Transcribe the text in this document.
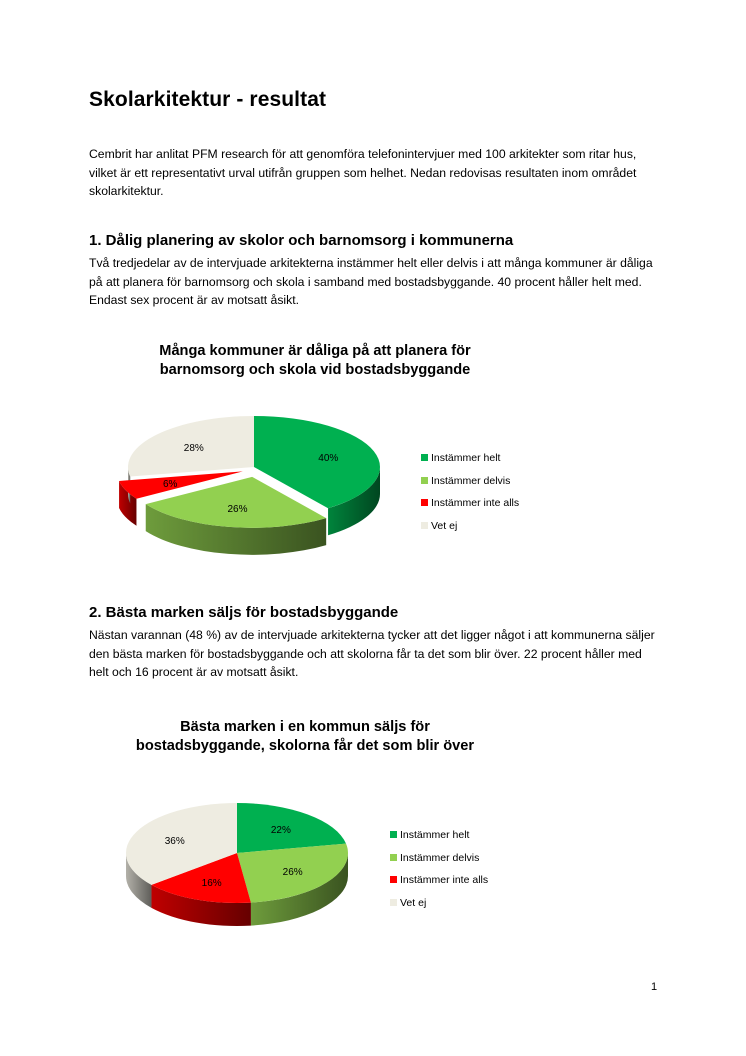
Skolarkitektur - resultat

Cembrit har anlitat PFM research för att genomföra telefonintervjuer med 100 arkitekter som ritar hus, vilket är ett representativt urval utifrån gruppen som helhet. Nedan redovisas resultaten inom området skolarkitektur.

1. Dålig planering av skolor och barnomsorg i kommunerna

Två tredjedelar av de intervjuade arkitekterna instämmer helt eller delvis i att många kommuner är dåliga på att planera för barnomsorg och skola i samband med bostadsbyggande. 40 procent håller helt med. Endast sex procent är av motsatt åsikt.

Många kommuner är dåliga på att planera för barnomsorg och skola vid bostadsbyggande
40%
26%
6%
28%
Instämmer helt
Instämmer delvis
Instämmer inte alls
Vet ej
2. Bästa marken säljs för bostadsbyggande

Nästan varannan (48 %) av de intervjuade arkitekterna tycker att det ligger något i att kommunerna säljer den bästa marken för bostadsbyggande och att skolorna får ta det som blir över. 22 procent håller med helt och 16 procent är av motsatt åsikt.

Bästa marken i en kommun säljs för bostadsbyggande, skolorna får det som blir över
22%
26%
16%
36%
Instämmer helt
Instämmer delvis
Instämmer inte alls
Vet ej
1
